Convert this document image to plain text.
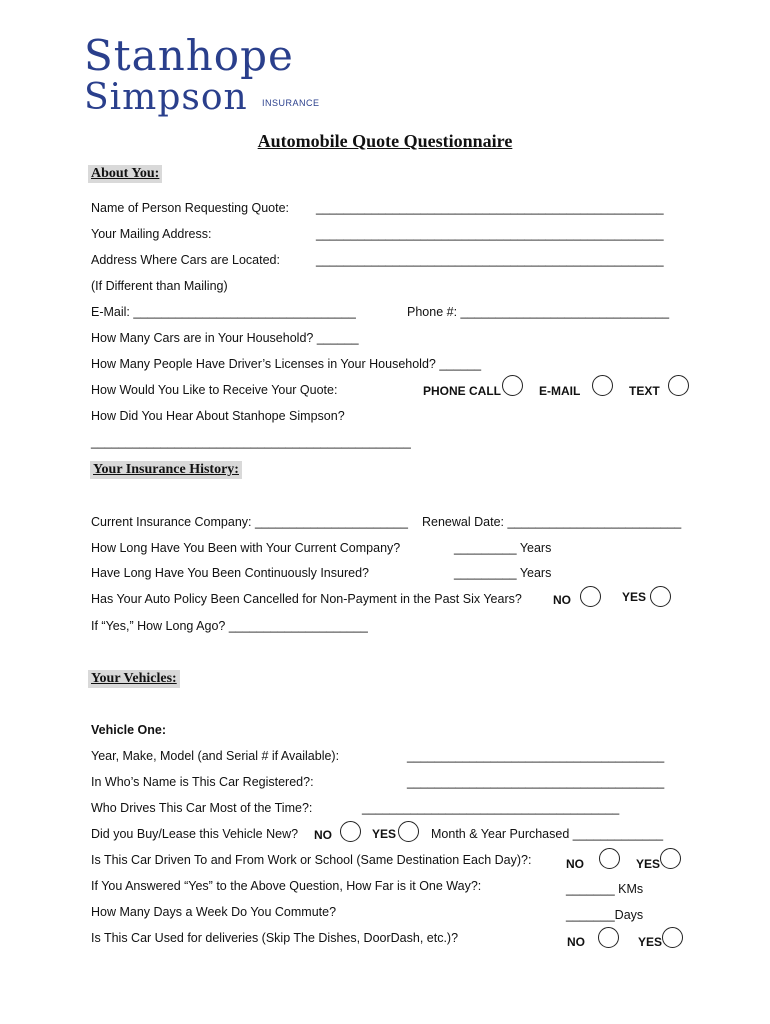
Stanhope
Simpson INSURANCE
Automobile Quote Questionnaire
About You:
Name of Person Requesting Quote: __________________________________________________
Your Mailing Address:	__________________________________________________
Address Where Cars are Located:	__________________________________________________
(If Different than Mailing)
E-Mail: ________________________________	Phone #: ______________________________
How Many Cars are in Your Household? ______
How Many People Have Driver’s Licenses in Your Household? ______
How Would You Like to Receive Your Quote:	PHONE CALL	E-MAIL	TEXT
How Did You Hear About Stanhope Simpson?
______________________________________________
Your Insurance History:
Current Insurance Company: ______________________ Renewal Date: _________________________
How Long Have You Been with Your Current Company?	_________ Years
Have Long Have You Been Continuously Insured?	_________ Years
Has Your Auto Policy Been Cancelled for Non-Payment in the Past Six Years?	NO	YES
If “Yes,” How Long Ago? ____________________
Your Vehicles:
Vehicle One:
Year, Make, Model (and Serial # if Available):	_____________________________________
In Who’s Name is This Car Registered?:	_____________________________________
Who Drives This Car Most of the Time?:	_____________________________________
Did you Buy/Lease this Vehicle New? NO	YES	Month & Year Purchased _____________
Is This Car Driven To and From Work or School (Same Destination Each Day)?:	NO	YES
If You Answered “Yes” to the Above Question, How Far is it One Way?:	_______ KMs
How Many Days a Week Do You Commute?	_______Days
Is This Car Used for deliveries (Skip The Dishes, DoorDash, etc.)?	NO	YES
